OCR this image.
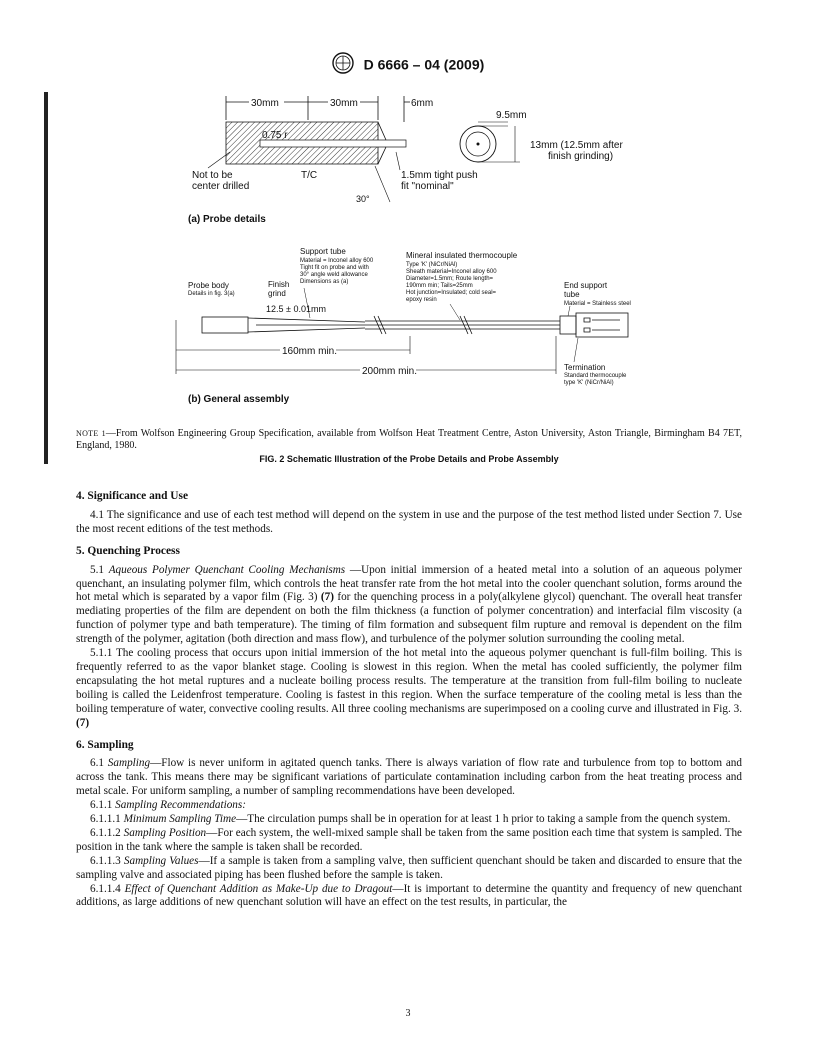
D 6666 – 04 (2009)
30mm	30mm	6mm
0.75 r
Not to be
center drilled
T/C
30°
1.5mm tight push
fit "nominal"
9.5mm
13mm (12.5mm after
finish grinding)
(a) Probe details
Support tube
Material = Inconel alloy 600
Tight fit on probe and with
30° angle weld allowance
Dimensions as (a)
Mineral insulated thermocouple
Type 'K' (NiCr/NiAl)
Sheath material=Inconel alloy 600
Diameter=1.5mm; Route length=
190mm min; Tails=25mm
Hot junction=Insulated; cold seal=
epoxy resin
Probe body
Details in fig. 3(a)
Finish
grind
12.5 ± 0.01mm
End support
tube
Material = Stainless steel
160mm min.
200mm min.	Termination
Standard thermocouple
type 'K' (NiCr/NiAl)
(b) General assembly
NOTE 1—From Wolfson Engineering Group Specification, available from Wolfson Heat Treatment Centre, Aston University, Aston Triangle, Birmingham B4 7ET, England, 1980.
FIG. 2 Schematic Illustration of the Probe Details and Probe Assembly
4. Significance and Use

4.1 The significance and use of each test method will depend on the system in use and the purpose of the test method listed under Section 7. Use the most recent editions of the test methods.

5. Quenching Process

5.1 Aqueous Polymer Quenchant Cooling Mechanisms —Upon initial immersion of a heated metal into a solution of an aqueous polymer quenchant, an insulating polymer film, which controls the heat transfer rate from the hot metal into the cooler quenchant solution, forms around the hot metal which is separated by a vapor film (Fig. 3) (7) for the quenching process in a poly(alkylene glycol) quenchant. The overall heat transfer mediating properties of the film are dependent on both the film thickness (a function of polymer concentration) and interfacial film viscosity (a function of polymer type and bath temperature). The timing of film formation and subsequent film rupture and removal is dependent on the film strength of the polymer, agitation (both direction and mass flow), and turbulence of the polymer solution surrounding the cooling metal.

5.1.1 The cooling process that occurs upon initial immersion of the hot metal into the aqueous polymer quenchant is full-film boiling. This is frequently referred to as the vapor blanket stage. Cooling is slowest in this region. When the metal has cooled sufficiently, the polymer film encapsulating the hot metal ruptures and a nucleate boiling process results. The temperature at the transition from full-film boiling to nucleate boiling is called the Leidenfrost temperature. Cooling is fastest in this region. When the surface temperature of the cooling metal is less than the boiling temperature of water, convective cooling results. All three cooling mechanisms are superimposed on a cooling curve and illustrated in Fig. 3. (7)

6. Sampling

6.1 Sampling—Flow is never uniform in agitated quench tanks. There is always variation of flow rate and turbulence from top to bottom and across the tank. This means there may be significant variations of particulate contamination including carbon from the heat treating process and metal scale. For uniform sampling, a number of sampling recommendations have been developed.

6.1.1 Sampling Recommendations:

6.1.1.1 Minimum Sampling Time—The circulation pumps shall be in operation for at least 1 h prior to taking a sample from the quench system.

6.1.1.2 Sampling Position—For each system, the well-mixed sample shall be taken from the same position each time that system is sampled. The position in the tank where the sample is taken shall be recorded.

6.1.1.3 Sampling Values—If a sample is taken from a sampling valve, then sufficient quenchant should be taken and discarded to ensure that the sampling valve and associated piping has been flushed before the sample is taken.

6.1.1.4 Effect of Quenchant Addition as Make-Up due to Dragout—It is important to determine the quantity and frequency of new quenchant additions, as large additions of new quenchant solution will have an effect on the test results, in particular, the

3
